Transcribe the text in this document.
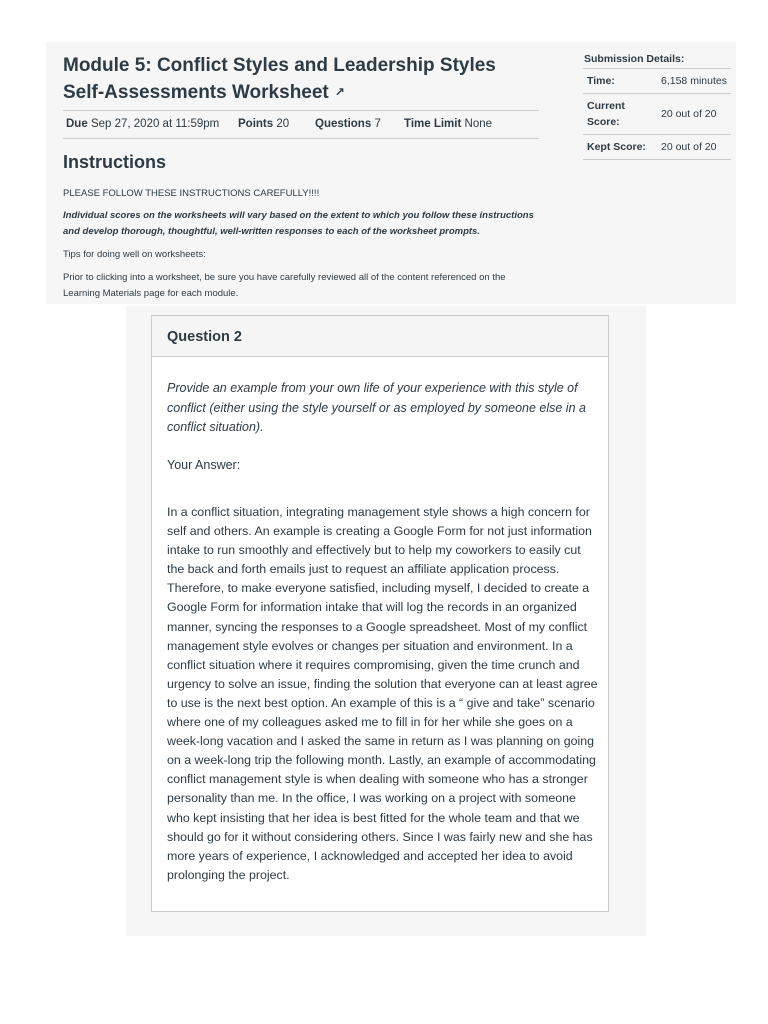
Module 5: Conflict Styles and Leadership Styles Self-Assessments Worksheet ↗
Due Sep 27, 2020 at 11:59pm Points 20 Questions 7 Time Limit None
Instructions
PLEASE FOLLOW THESE INSTRUCTIONS CAREFULLY!!!!
Individual scores on the worksheets will vary based on the extent to which you follow these instructions and develop thorough, thoughtful, well-written responses to each of the worksheet prompts.
Tips for doing well on worksheets:
Prior to clicking into a worksheet, be sure you have carefully reviewed all of the content referenced on the Learning Materials page for each module.
Submission Details:
Time:	6,158 minutes
Current Score:	20 out of 20
Kept Score:	20 out of 20
Question 2
Provide an example from your own life of your experience with this style of conflict (either using the style yourself or as employed by someone else in a conflict situation).
Your Answer:
In a conflict situation, integrating management style shows a high concern for self and others. An example is creating a Google Form for not just information intake to run smoothly and effectively but to help my coworkers to easily cut the back and forth emails just to request an affiliate application process. Therefore, to make everyone satisfied, including myself, I decided to create a Google Form for information intake that will log the records in an organized manner, syncing the responses to a Google spreadsheet. Most of my conflict management style evolves or changes per situation and environment. In a conflict situation where it requires compromising, given the time crunch and urgency to solve an issue, finding the solution that everyone can at least agree to use is the next best option. An example of this is a “ give and take” scenario where one of my colleagues asked me to fill in for her while she goes on a week-long vacation and I asked the same in return as I was planning on going on a week-long trip the following month. Lastly, an example of accommodating conflict management style is when dealing with someone who has a stronger personality than me. In the office, I was working on a project with someone who kept insisting that her idea is best fitted for the whole team and that we should go for it without considering others. Since I was fairly new and she has more years of experience, I acknowledged and accepted her idea to avoid prolonging the project.
